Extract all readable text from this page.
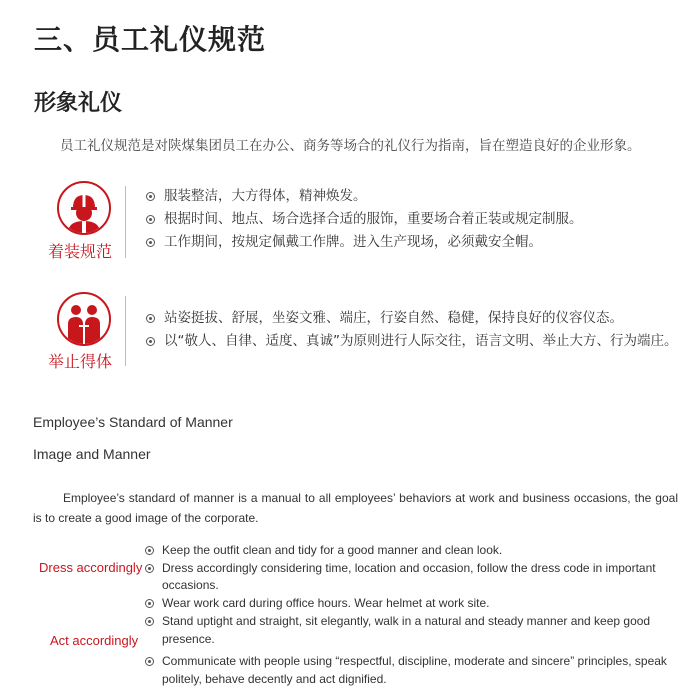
三、员工礼仪规范
形象礼仪
员工礼仪规范是对陕煤集团员工在办公、商务等场合的礼仪行为指南，旨在塑造良好的企业形象。
着装规范
服装整洁，大方得体，精神焕发。
根据时间、地点、场合选择合适的服饰，重要场合着正装或规定制服。
工作期间，按规定佩戴工作牌。进入生产现场，必须戴安全帽。
举止得体
站姿挺拔、舒展，坐姿文雅、端庄，行姿自然、稳健，保持良好的仪容仪态。
以“敬人、自律、适度、真诚”为原则进行人际交往，语言文明、举止大方、行为端庄。
Employee’s Standard of Manner
Image and Manner
Employee’s standard of manner is a manual to all employees’ behaviors at work and business occasions, the goal is to create a good image of the corporate.
Dress accordingly
Keep the outfit clean and tidy for a good manner and clean look.
Dress accordingly considering time, location and occasion, follow the dress code in important occasions.
Wear work card during office hours. Wear helmet at work site.
Act accordingly
Stand uptight and straight, sit elegantly, walk in a natural and steady manner and keep good presence.
Communicate with people using “respectful, discipline, moderate and sincere” principles, speak politely, behave decently and act dignified.
